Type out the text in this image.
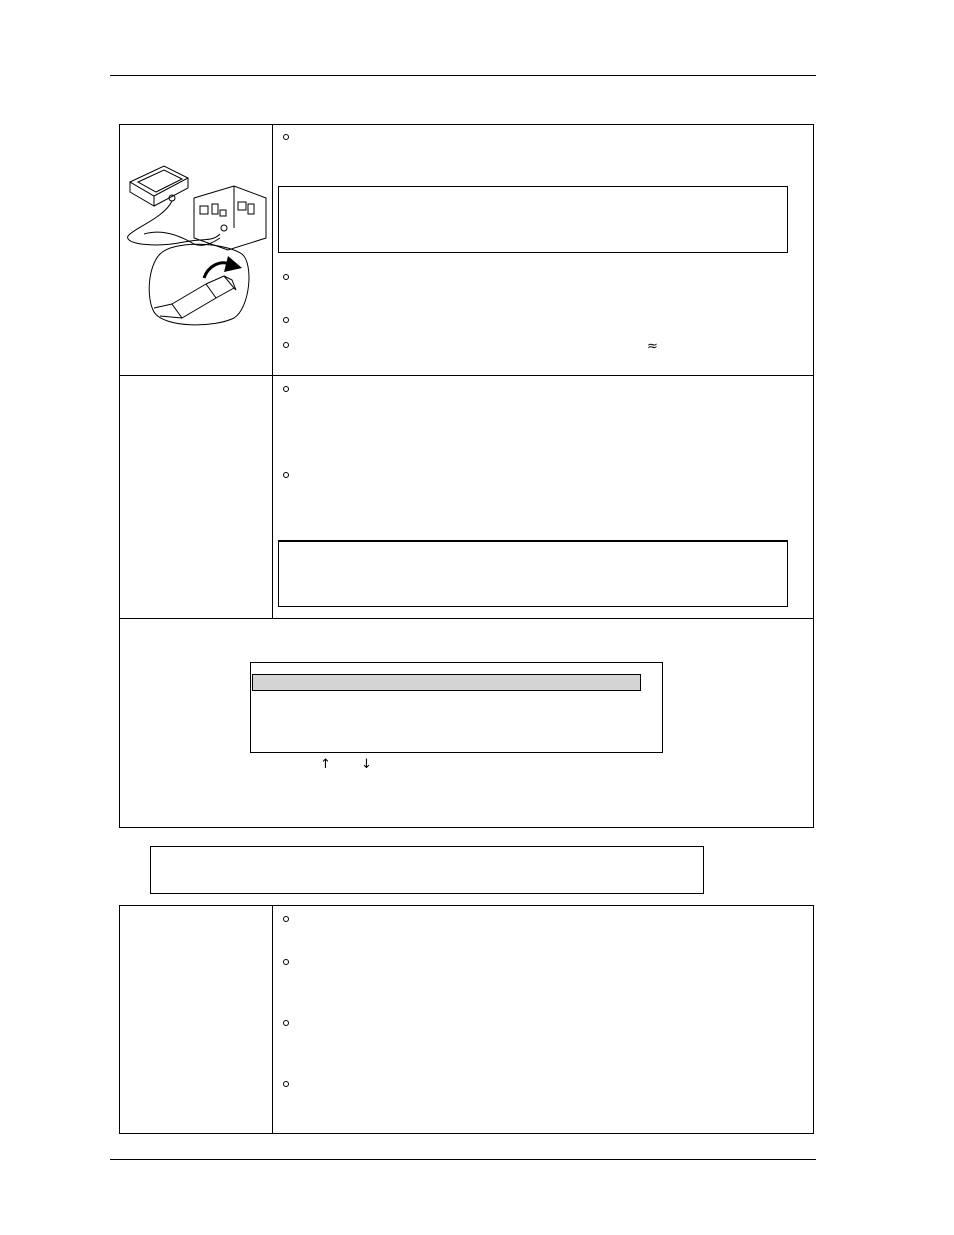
≈
↑ ↓
